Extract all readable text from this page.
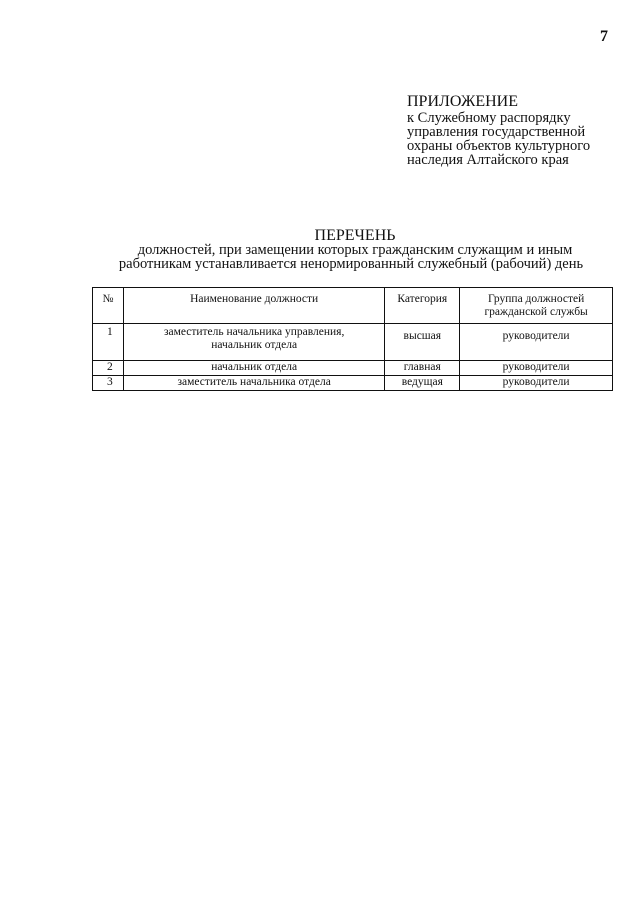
7
ПРИЛОЖЕНИЕ
к Служебному распорядку
управления государственной
охраны объектов культурного
наследия Алтайского края
ПЕРЕЧЕНЬ
должностей, при замещении которых гражданским служащим и иным
работникам устанавливается ненормированный служебный (рабочий) день
№	Наименование должности	Категория	Группа должностей
гражданской службы
1	заместитель начальника управления,
начальник отдела	высшая	руководители
2	начальник отдела	главная	руководители
3	заместитель начальника отдела	ведущая	руководители
